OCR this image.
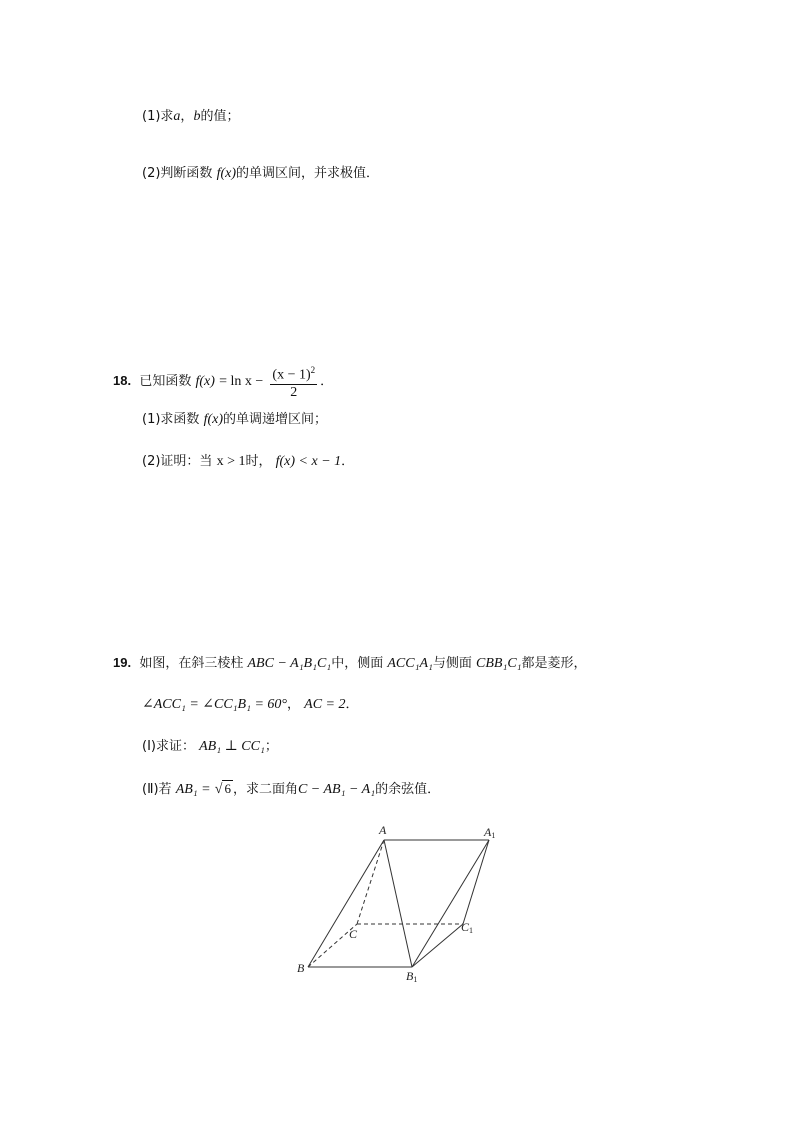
(1)求a，b的值；
(2)判断函数 f(x)的单调区间，并求极值．
18. 已知函数 $f(x) = \ln x - \frac{(x - 1)^2}{2}$ ．
(1)求函数 f(x)的单调递增区间；
(2)证明：当 x > 1时， f(x) < x − 1．
19. 如图，在斜三棱柱 ABC − A₁B₁C₁中，侧面 ACC₁A₁与侧面 CBB₁C₁都是菱形，
∠ACC₁ = ∠CC₁B₁ = 60°， AC = 2．
(Ⅰ)求证： AB₁ ⊥ CC₁；
(Ⅱ)若 AB₁ = √ 6 ，求二面角C − AB₁ − A₁的余弦值．
A	A1
C	C1
B
B1
